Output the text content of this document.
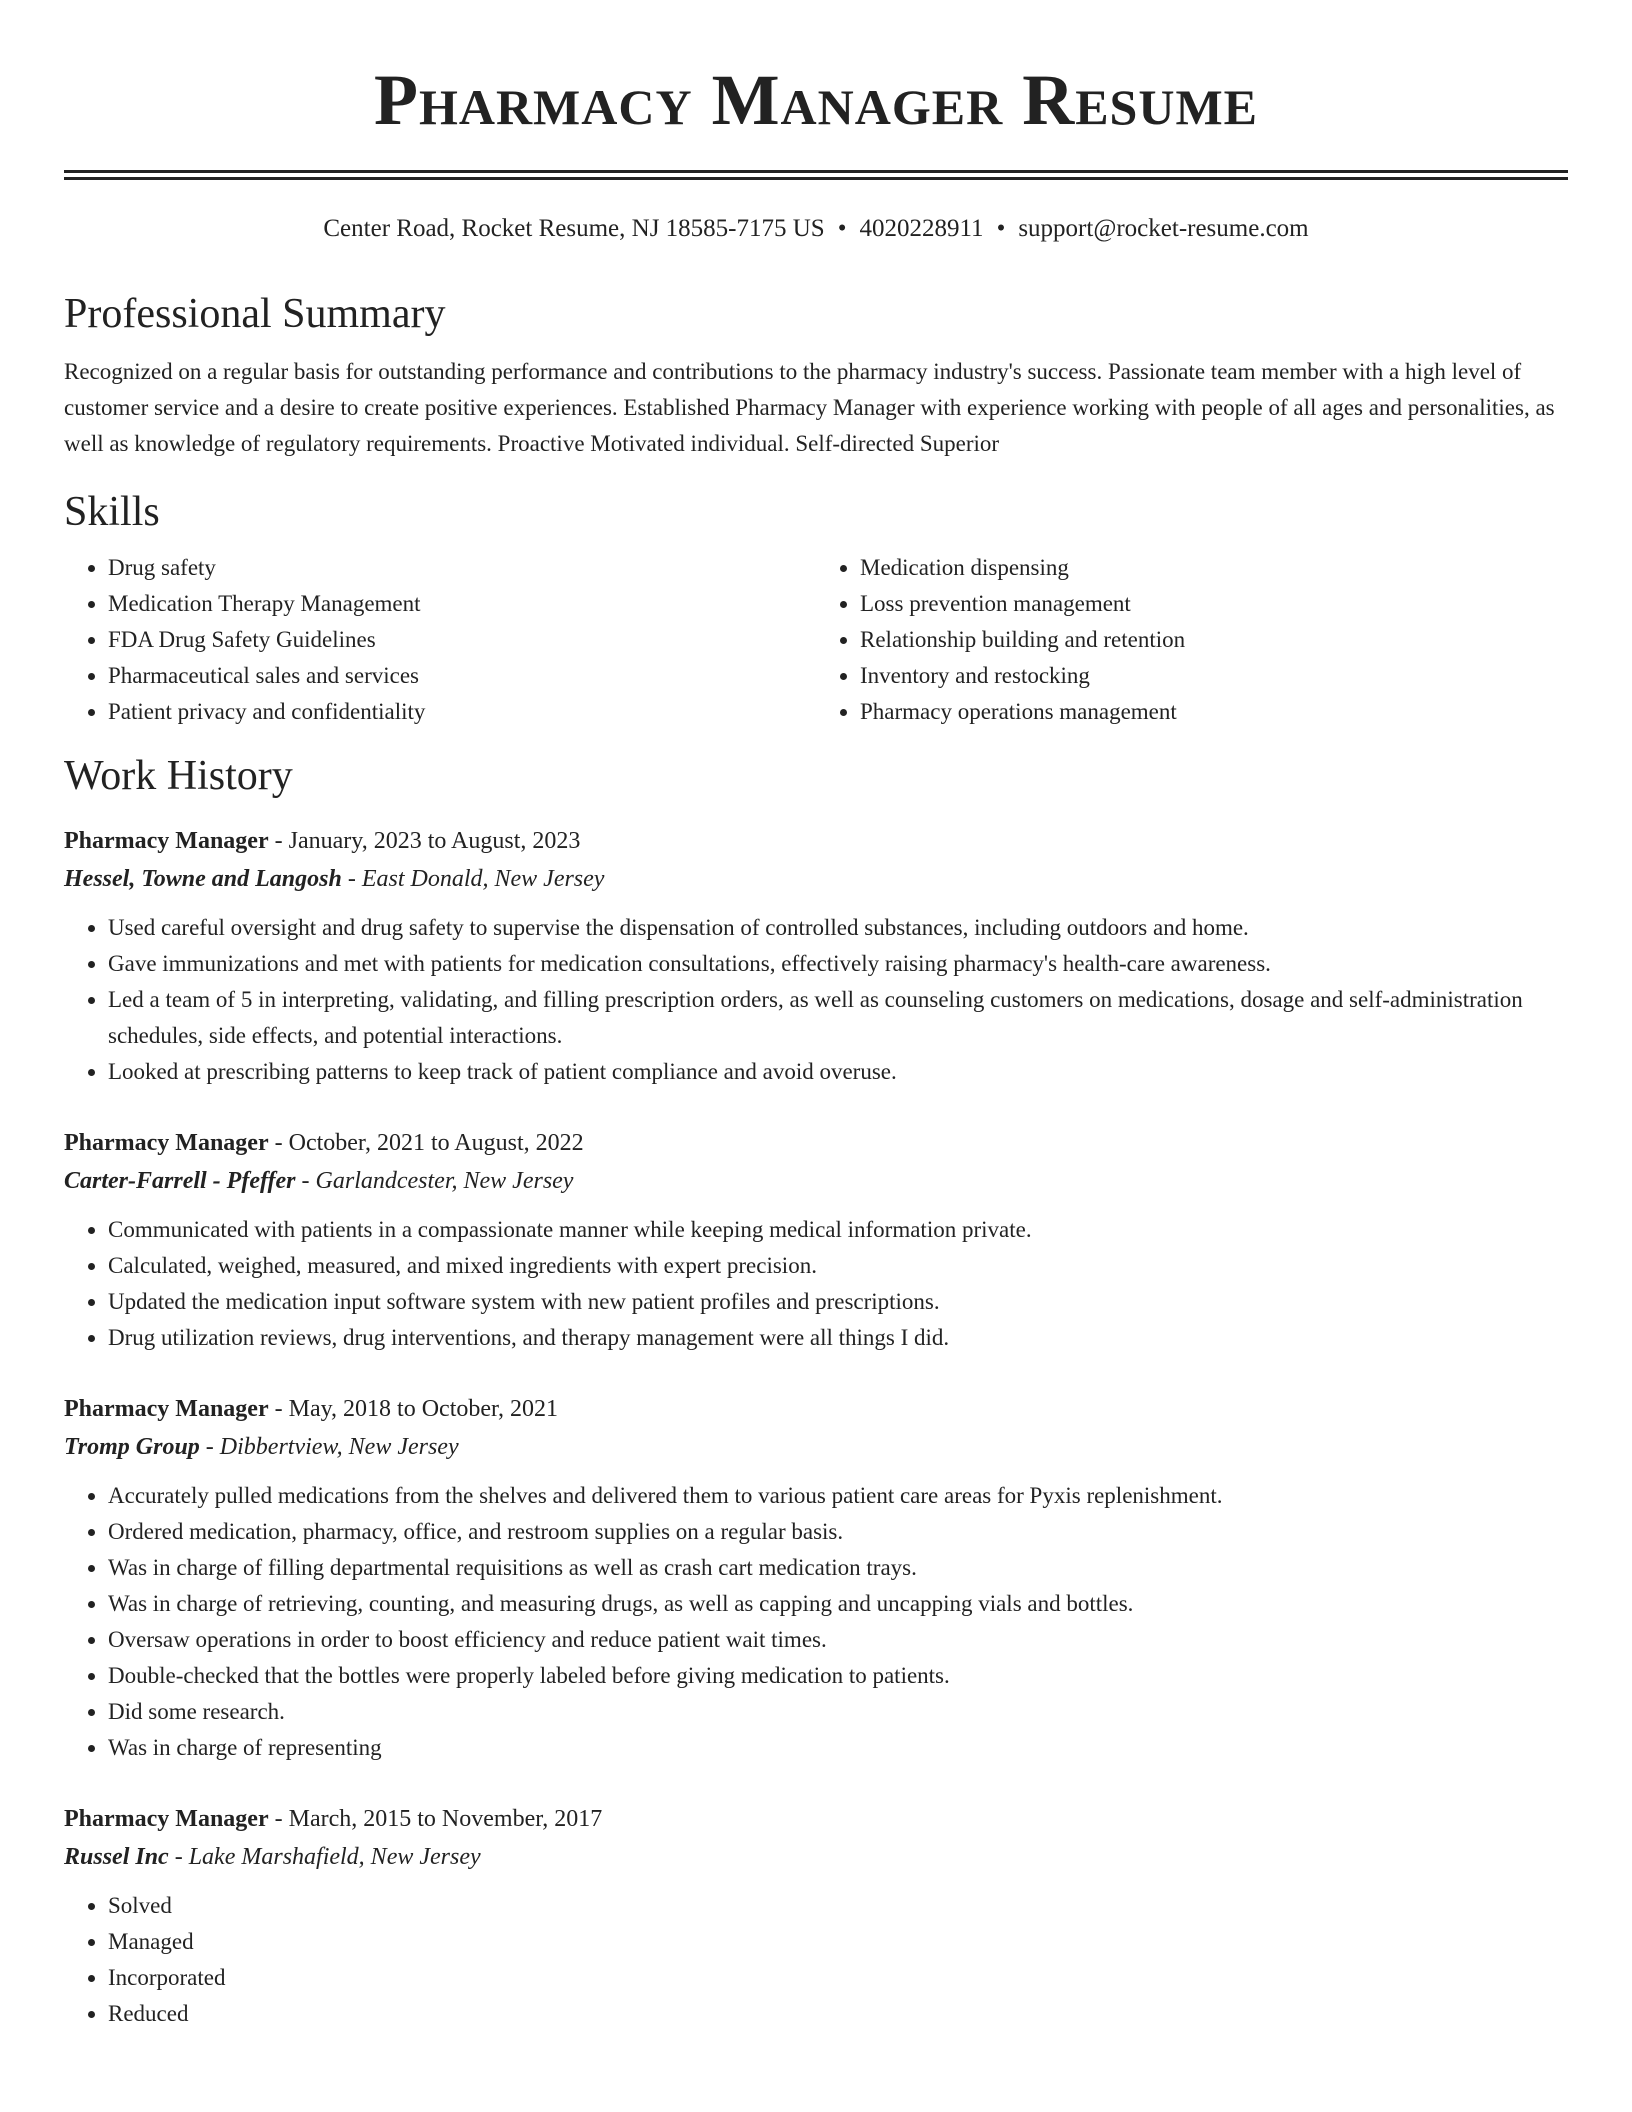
Pharmacy Manager Resume
Center Road, Rocket Resume, NJ 18585-7175 US • 4020228911 • support@rocket-resume.com
Professional Summary

Recognized on a regular basis for outstanding performance and contributions to the pharmacy industry's success. Passionate team member with a high level of customer service and a desire to create positive experiences. Established Pharmacy Manager with experience working with people of all ages and personalities, as well as knowledge of regulatory requirements. Proactive Motivated individual. Self-directed Superior

Skills
• Drug safety
• Medication Therapy Management
• FDA Drug Safety Guidelines
• Pharmaceutical sales and services
• Patient privacy and confidentiality
• Medication dispensing
• Loss prevention management
• Relationship building and retention
• Inventory and restocking
• Pharmacy operations management
Work History
Pharmacy Manager - January, 2023 to August, 2023
Hessel, Towne and Langosh - East Donald, New Jersey
• Used careful oversight and drug safety to supervise the dispensation of controlled substances, including outdoors and home.
• Gave immunizations and met with patients for medication consultations, effectively raising pharmacy's health-care awareness.
• Led a team of 5 in interpreting, validating, and filling prescription orders, as well as counseling customers on medications, dosage and self-administration schedules, side effects, and potential interactions.
• Looked at prescribing patterns to keep track of patient compliance and avoid overuse.
Pharmacy Manager - October, 2021 to August, 2022
Carter-Farrell - Pfeffer - Garlandcester, New Jersey
• Communicated with patients in a compassionate manner while keeping medical information private.
• Calculated, weighed, measured, and mixed ingredients with expert precision.
• Updated the medication input software system with new patient profiles and prescriptions.
• Drug utilization reviews, drug interventions, and therapy management were all things I did.
Pharmacy Manager - May, 2018 to October, 2021
Tromp Group - Dibbertview, New Jersey
• Accurately pulled medications from the shelves and delivered them to various patient care areas for Pyxis replenishment.
• Ordered medication, pharmacy, office, and restroom supplies on a regular basis.
• Was in charge of filling departmental requisitions as well as crash cart medication trays.
• Was in charge of retrieving, counting, and measuring drugs, as well as capping and uncapping vials and bottles.
• Oversaw operations in order to boost efficiency and reduce patient wait times.
• Double-checked that the bottles were properly labeled before giving medication to patients.
• Did some research.
• Was in charge of representing
Pharmacy Manager - March, 2015 to November, 2017
Russel Inc - Lake Marshafield, New Jersey
• Solved
• Managed
• Incorporated
• Reduced
